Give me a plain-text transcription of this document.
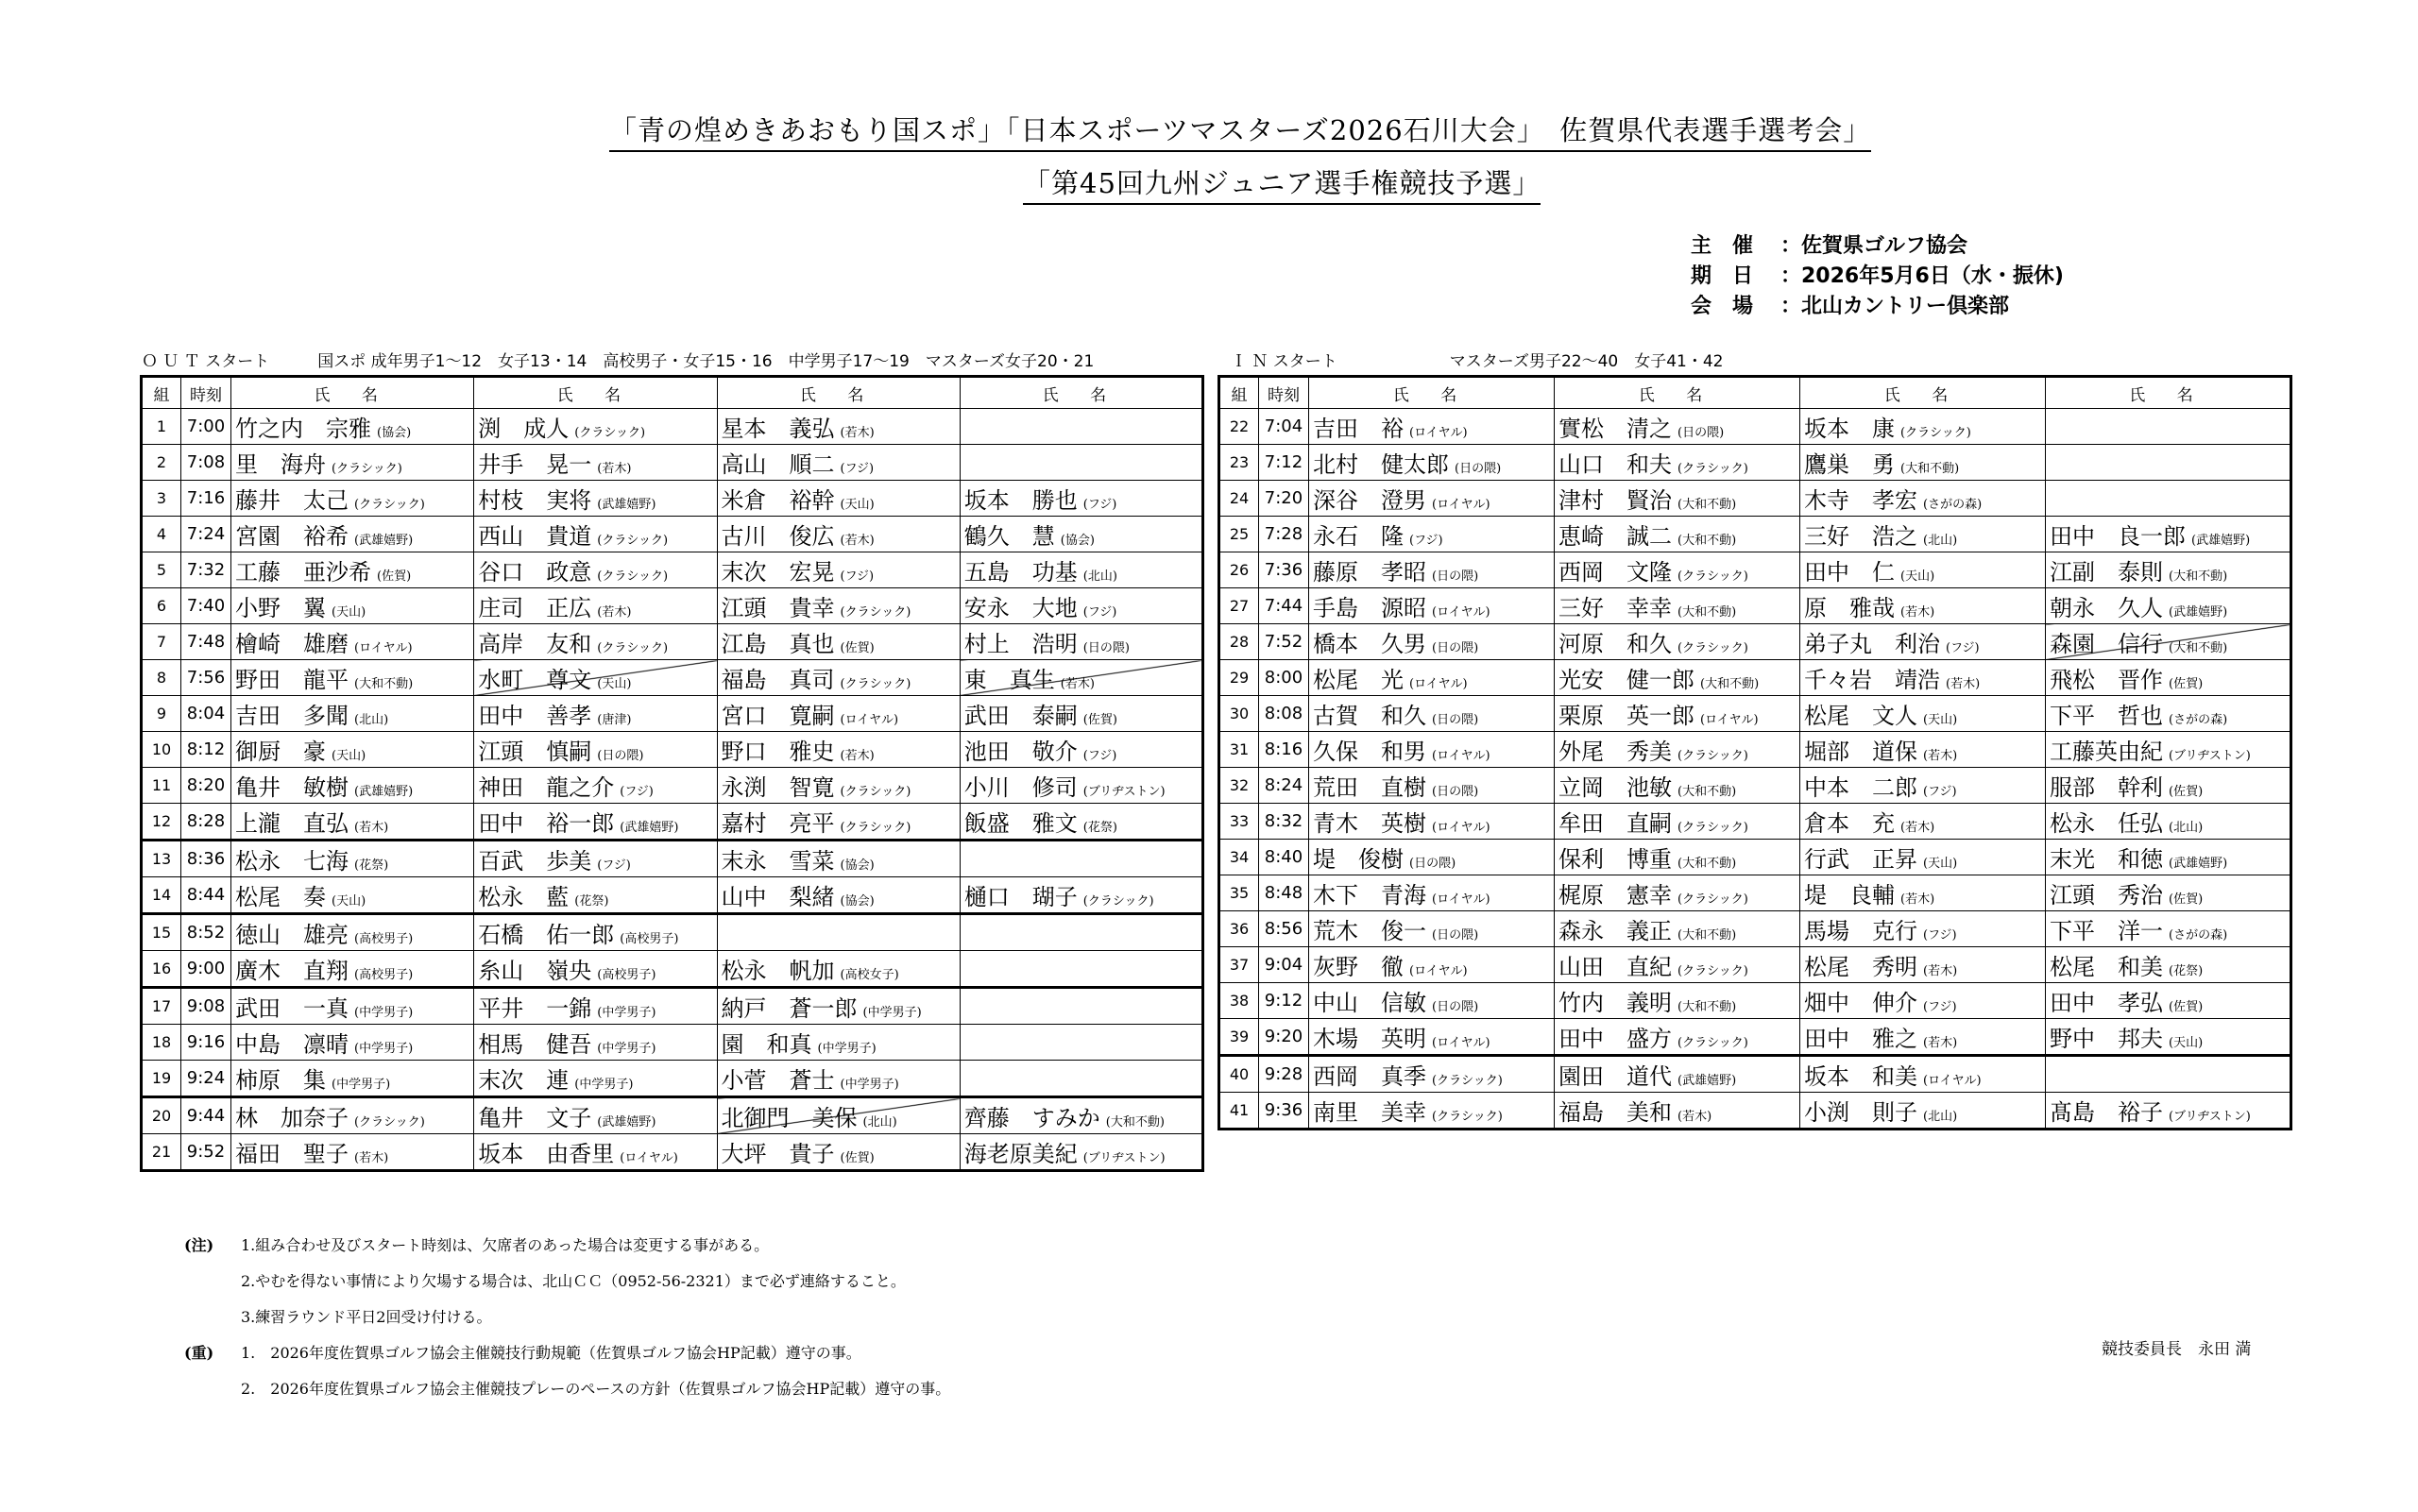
「青の煌めきあおもり国スポ」「日本スポーツマスターズ2026石川大会」　佐賀県代表選手選考会」
「第45回九州ジュニア選手権競技予選」
主　催 ：佐賀県ゴルフ協会
期　日 ：2026年5月6日（水・振休)
会　場 ：北山カントリー倶楽部
Ｏ Ｕ Ｔ スタート　　　国スポ 成年男子1～12　女子13・14　高校男子・女子15・16　中学男子17～19　マスターズ女子20・21	Ｉ Ｎ スタート　　　　　　　マスターズ男子22～40　女子41・42
組	時刻	氏 名	氏 名	氏 名	氏 名
1	7:00	竹之内　宗雅 (協会)	渕　成人 (クラシック)	星本　義弘 (若木)	
2	7:08	里　海舟 (クラシック)	井手　晃一 (若木)	高山　順二 (フジ)	
3	7:16	藤井　太己 (クラシック)	村枝　実将 (武雄嬉野)	米倉　裕幹 (天山)	坂本　勝也 (フジ)
4	7:24	宮園　裕希 (武雄嬉野)	西山　貴道 (クラシック)	古川　俊広 (若木)	鶴久　慧 (協会)
5	7:32	工藤　亜沙希 (佐賀)	谷口　政意 (クラシック)	末次　宏晃 (フジ)	五島　功基 (北山)
6	7:40	小野　翼 (天山)	庄司　正広 (若木)	江頭　貴幸 (クラシック)	安永　大地 (フジ)
7	7:48	檜崎　雄磨 (ロイヤル)	高岸　友和 (クラシック)	江島　真也 (佐賀)	村上　浩明 (日の隈)
8	7:56	野田　龍平 (大和不動)	水町　尊文 (天山)	福島　真司 (クラシック)	東　真生 (若木)
9	8:04	吉田　多聞 (北山)	田中　善孝 (唐津)	宮口　寛嗣 (ロイヤル)	武田　泰嗣 (佐賀)
10	8:12	御厨　豪 (天山)	江頭　慎嗣 (日の隈)	野口　雅史 (若木)	池田　敬介 (フジ)
11	8:20	亀井　敏樹 (武雄嬉野)	神田　龍之介 (フジ)	永渕　智寛 (クラシック)	小川　修司 (ブリヂストン)
12	8:28	上瀧　直弘 (若木)	田中　裕一郎 (武雄嬉野)	嘉村　亮平 (クラシック)	飯盛　雅文 (花祭)
13	8:36	松永　七海 (花祭)	百武　歩美 (フジ)	末永　雪菜 (協会)	
14	8:44	松尾　奏 (天山)	松永　藍 (花祭)	山中　梨緒 (協会)	樋口　瑚子 (クラシック)
15	8:52	徳山　雄亮 (高校男子)	石橋　佑一郎 (高校男子)		
16	9:00	廣木　直翔 (高校男子)	糸山　嶺央 (高校男子)	松永　帆加 (高校女子)	
17	9:08	武田　一真 (中学男子)	平井　一錦 (中学男子)	納戸　蒼一郎 (中学男子)	
18	9:16	中島　凛晴 (中学男子)	相馬　健吾 (中学男子)	園　和真 (中学男子)	
19	9:24	柿原　集 (中学男子)	末次　連 (中学男子)	小菅　蒼士 (中学男子)	
20	9:44	林　加奈子 (クラシック)	亀井　文子 (武雄嬉野)	北御門　美保 (北山)	齊藤　すみか (大和不動)
21	9:52	福田　聖子 (若木)	坂本　由香里 (ロイヤル)	大坪　貴子 (佐賀)	海老原美紀 (ブリヂストン)
組	時刻	氏 名	氏 名	氏 名	氏 名
22	7:04	吉田　裕 (ロイヤル)	實松　清之 (日の隈)	坂本　康 (クラシック)	
23	7:12	北村　健太郎 (日の隈)	山口　和夫 (クラシック)	鷹巣　勇 (大和不動)	
24	7:20	深谷　澄男 (ロイヤル)	津村　賢治 (大和不動)	木寺　孝宏 (さがの森)	
25	7:28	永石　隆 (フジ)	恵崎　誠二 (大和不動)	三好　浩之 (北山)	田中　良一郎 (武雄嬉野)
26	7:36	藤原　孝昭 (日の隈)	西岡　文隆 (クラシック)	田中　仁 (天山)	江副　泰則 (大和不動)
27	7:44	手島　源昭 (ロイヤル)	三好　幸幸 (大和不動)	原　雅哉 (若木)	朝永　久人 (武雄嬉野)
28	7:52	橋本　久男 (日の隈)	河原　和久 (クラシック)	弟子丸　利治 (フジ)	森園　信行 (大和不動)
29	8:00	松尾　光 (ロイヤル)	光安　健一郎 (大和不動)	千々岩　靖浩 (若木)	飛松　晋作 (佐賀)
30	8:08	古賀　和久 (日の隈)	栗原　英一郎 (ロイヤル)	松尾　文人 (天山)	下平　哲也 (さがの森)
31	8:16	久保　和男 (ロイヤル)	外尾　秀美 (クラシック)	堀部　道保 (若木)	工藤英由紀 (ブリヂストン)
32	8:24	荒田　直樹 (日の隈)	立岡　池敏 (大和不動)	中本　二郎 (フジ)	服部　幹利 (佐賀)
33	8:32	青木　英樹 (ロイヤル)	牟田　直嗣 (クラシック)	倉本　充 (若木)	松永　任弘 (北山)
34	8:40	堤　俊樹 (日の隈)	保利　博重 (大和不動)	行武　正昇 (天山)	末光　和徳 (武雄嬉野)
35	8:48	木下　青海 (ロイヤル)	梶原　憲幸 (クラシック)	堤　良輔 (若木)	江頭　秀治 (佐賀)
36	8:56	荒木　俊一 (日の隈)	森永　義正 (大和不動)	馬場　克行 (フジ)	下平　洋一 (さがの森)
37	9:04	灰野　徹 (ロイヤル)	山田　直紀 (クラシック)	松尾　秀明 (若木)	松尾　和美 (花祭)
38	9:12	中山　信敏 (日の隈)	竹内　義明 (大和不動)	畑中　伸介 (フジ)	田中　孝弘 (佐賀)
39	9:20	木場　英明 (ロイヤル)	田中　盛方 (クラシック)	田中　雅之 (若木)	野中　邦夫 (天山)
40	9:28	西岡　真季 (クラシック)	園田　道代 (武雄嬉野)	坂本　和美 (ロイヤル)	
41	9:36	南里　美幸 (クラシック)	福島　美和 (若木)	小渕　則子 (北山)	髙島　裕子 (ブリヂストン)
(注) 1.組み合わせ及びスタート時刻は、欠席者のあった場合は変更する事がある。
2.やむを得ない事情により欠場する場合は、北山ＣＣ（0952-56-2321）まで必ず連絡すること。
3.練習ラウンド平日2回受け付ける。
(重) 1.　2026年度佐賀県ゴルフ協会主催競技行動規範（佐賀県ゴルフ協会HP記載）遵守の事。
2.　2026年度佐賀県ゴルフ協会主催競技プレーのペースの方針（佐賀県ゴルフ協会HP記載）遵守の事。
競技委員長　永田 満
